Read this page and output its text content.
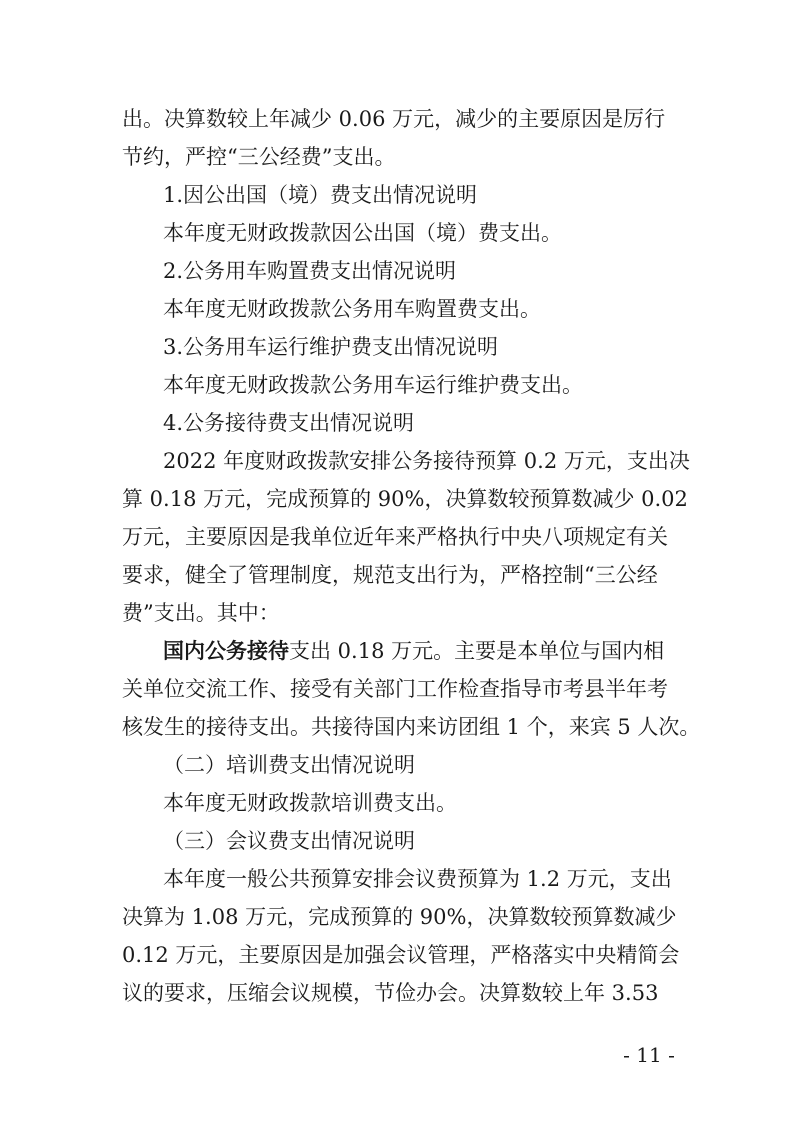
出。决算数较上年减少 0.06 万元，减少的主要原因是厉行
节约，严控“三公经费”支出。
1.因公出国（境）费支出情况说明
本年度无财政拨款因公出国（境）费支出。
2.公务用车购置费支出情况说明
本年度无财政拨款公务用车购置费支出。
3.公务用车运行维护费支出情况说明
本年度无财政拨款公务用车运行维护费支出。
4.公务接待费支出情况说明
2022 年度财政拨款安排公务接待预算 0.2 万元，支出决
算 0.18 万元，完成预算的 90%，决算数较预算数减少 0.02
万元，主要原因是我单位近年来严格执行中央八项规定有关
要求，健全了管理制度，规范支出行为，严格控制“三公经
费”支出。其中：
国内公务接待支出 0.18 万元。主要是本单位与国内相
关单位交流工作、接受有关部门工作检查指导市考县半年考
核发生的接待支出。共接待国内来访团组 1 个，来宾 5 人次。
（二）培训费支出情况说明
本年度无财政拨款培训费支出。
（三）会议费支出情况说明
本年度一般公共预算安排会议费预算为 1.2 万元，支出
决算为 1.08 万元，完成预算的 90%，决算数较预算数减少
0.12 万元，主要原因是加强会议管理，严格落实中央精简会
议的要求，压缩会议规模，节俭办会。决算数较上年 3.53
- 11 -
